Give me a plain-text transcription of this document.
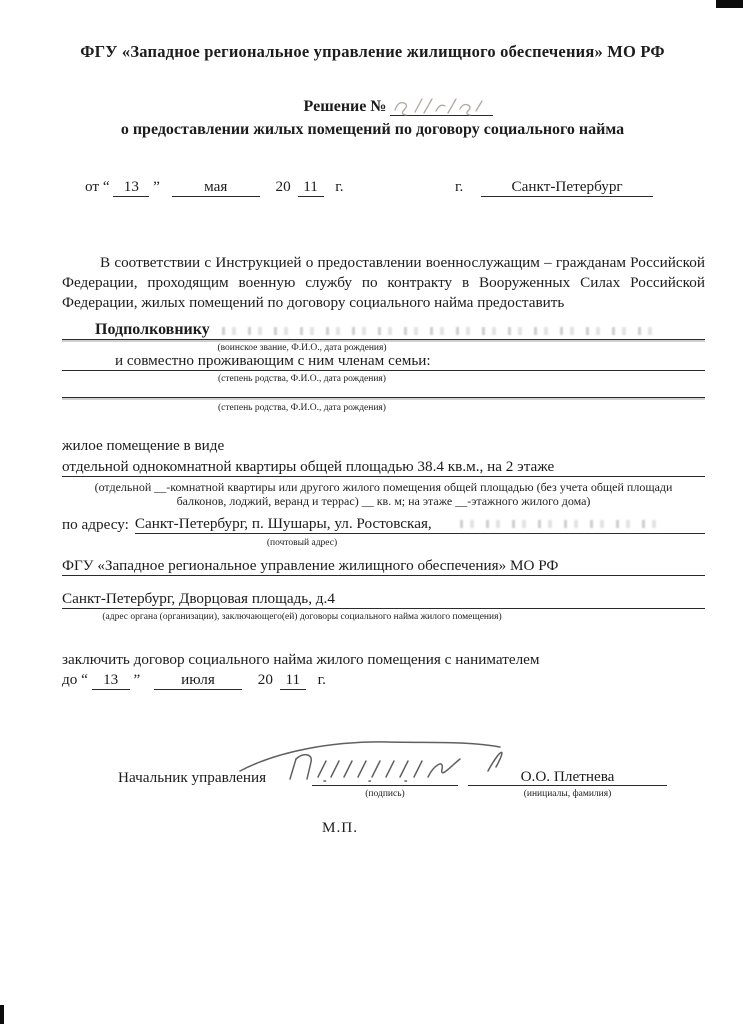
ФГУ «Западное региональное управление жилищного обеспечения» МО РФ
Решение №
о предоставлении жилых помещений по договору социального найма
от “ 13 ”	мая	20 11 г.	г.	Санкт-Петербург
В соответствии с Инструкцией о предоставлении военнослужащим – гражданам Российской Федерации, проходящим военную службу по контракту в Вооруженных Силах Российской Федерации, жилых помещений по договору социального найма предоставить
Подполковнику
(воинское звание, Ф.И.О., дата рождения)
и совместно проживающим с ним членам семьи:
(степень родства, Ф.И.О., дата рождения)
(степень родства, Ф.И.О., дата рождения)
жилое помещение в виде
отдельной однокомнатной квартиры общей площадью 38.4 кв.м., на 2 этаже
(отдельной __-комнатной квартиры или другого жилого помещения общей площадью (без учета общей площади
балконов, лоджий, веранд и террас) __ кв. м; на этаже __-этажного жилого дома)
по адресу: Санкт-Петербург, п. Шушары, ул. Ростовская,
(почтовый адрес)
ФГУ «Западное региональное управление жилищного обеспечения» МО РФ
Санкт-Петербург, Дворцовая площадь, д.4
(адрес органа (организации), заключающего(ей) договоры социального найма жилого помещения)
заключить договор социального найма жилого помещения с нанимателем
до “ 13 ”	июля	20 11 г.
Начальник управления
(подпись)
О.О. Плетнева
(инициалы, фамилия)
М.П.
